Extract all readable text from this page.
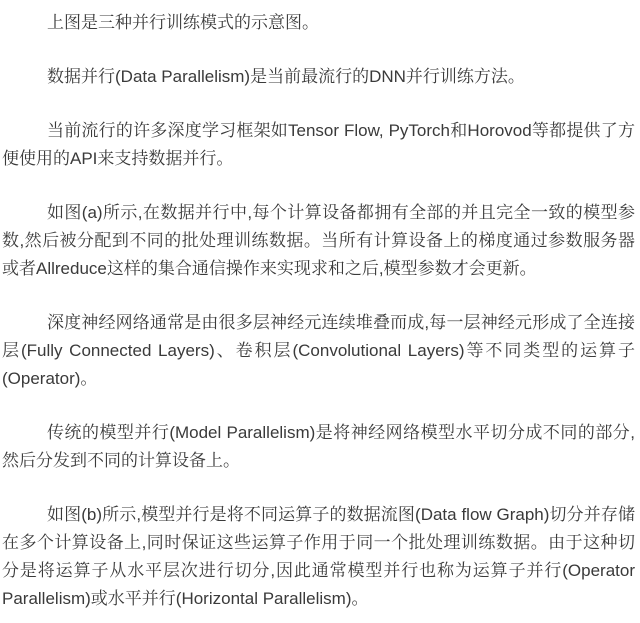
上图是三种并行训练模式的示意图。

数据并行(Data Parallelism)是当前最流行的DNN并行训练方法。

当前流行的许多深度学习框架如Tensor Flow, PyTorch和Horovod等都提供了方便使用的API来支持数据并行。

如图(a)所示,在数据并行中,每个计算设备都拥有全部的并且完全一致的模型参数,然后被分配到不同的批处理训练数据。当所有计算设备上的梯度通过参数服务器或者Allreduce这样的集合通信操作来实现求和之后,模型参数才会更新。

深度神经网络通常是由很多层神经元连续堆叠而成,每一层神经元形成了全连接层(Fully Connected Layers)、卷积层(Convolutional Layers)等不同类型的运算子(Operator)。

传统的模型并行(Model Parallelism)是将神经网络模型水平切分成不同的部分,然后分发到不同的计算设备上。

如图(b)所示,模型并行是将不同运算子的数据流图(Data flow Graph)切分并存储在多个计算设备上,同时保证这些运算子作用于同一个批处理训练数据。由于这种切分是将运算子从水平层次进行切分,因此通常模型并行也称为运算子并行(Operator Parallelism)或水平并行(Horizontal Parallelism)。
